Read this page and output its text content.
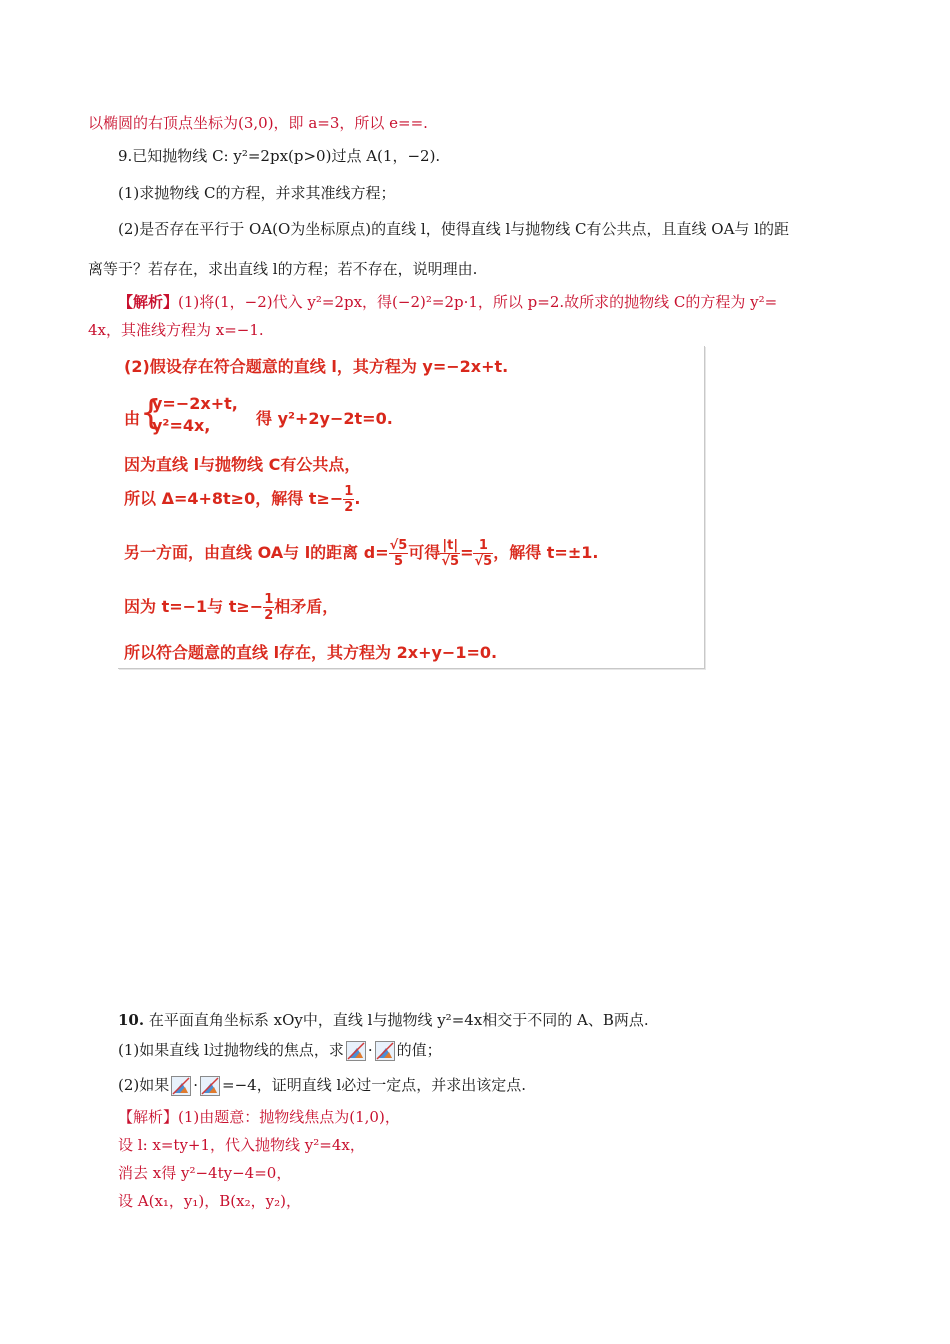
以椭圆的右顶点坐标为(3,0)，即 a=3，所以 e==.
9.已知抛物线 C: y²=2px(p>0)过点 A(1，−2).
(1)求抛物线 C的方程，并求其准线方程；
(2)是否存在平行于 OA(O为坐标原点)的直线 l，使得直线 l与抛物线 C有公共点，且直线 OA与 l的距
离等于？若存在，求出直线 l的方程；若不存在，说明理由.
【解析】(1)将(1，−2)代入 y²=2px，得(−2)²=2p·1，所以 p=2.故所求的抛物线 C的方程为 y²=
4x，其准线方程为 x=−1.
(2)假设存在符合题意的直线 l，其方程为 y=−2x+t.
由 {
y=−2x+t,
y²=4x,	得 y²+2y−2t=0.
因为直线 l与抛物线 C有公共点，
所以 Δ=4+8t≥0，解得 $t\ge- \frac{1}{2}$ .
另一方面，由直线 OA与 l的距离 $d= \frac{√5}{5}$ 可得 $\frac{|t|}{√5} = \frac{1}{√5}$ ，解得 t=±1.
因为 t=−1与 $t\ge- \frac{1}{2}$ 相矛盾，
所以符合题意的直线 l存在，其方程为 2x+y−1=0.
10. 在平面直角坐标系 xOy中，直线 l与抛物线 y²=4x相交于不同的 A、B两点.
(1)如果直线 l过抛物线的焦点，求 · 的值；
(2)如果 · =−4，证明直线 l必过一定点，并求出该定点.
【解析】(1)由题意：抛物线焦点为(1,0)，
设 l: x=ty+1，代入抛物线 y²=4x，
消去 x得 y²−4ty−4=0，
设 A(x₁，y₁)，B(x₂，y₂)，
